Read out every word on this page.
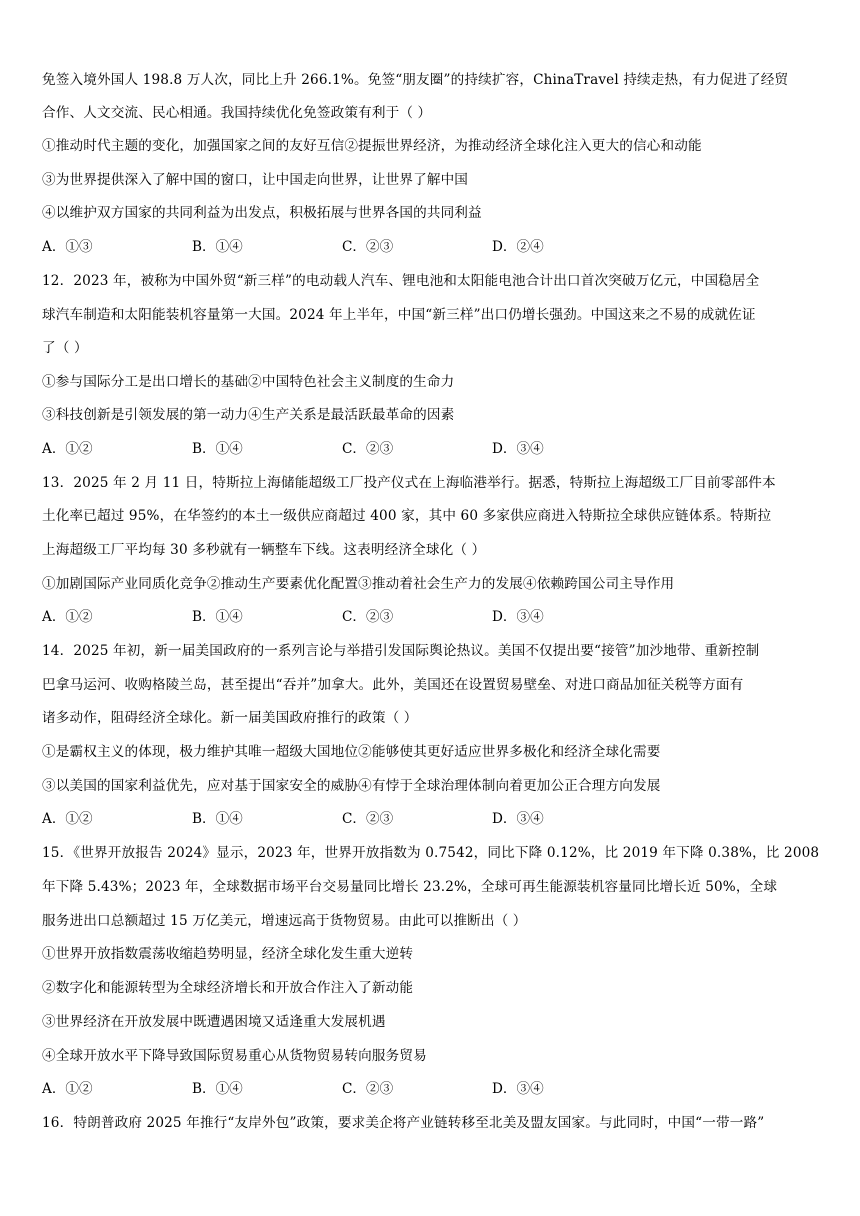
免签入境外国人 198.8 万人次，同比上升 266.1%。免签“朋友圈”的持续扩容，ChinaTravel 持续走热，有力促进了经贸
合作、人文交流、民心相通。我国持续优化免签政策有利于（ ）
①推动时代主题的变化，加强国家之间的友好互信②提振世界经济，为推动经济全球化注入更大的信心和动能
③为世界提供深入了解中国的窗口，让中国走向世界，让世界了解中国
④以维护双方国家的共同利益为出发点，积极拓展与世界各国的共同利益
A．①③	B．①④	C．②③	D．②④
12．2023 年，被称为中国外贸“新三样”的电动载人汽车、锂电池和太阳能电池合计出口首次突破万亿元，中国稳居全
球汽车制造和太阳能装机容量第一大国。2024 年上半年，中国“新三样”出口仍增长强劲。中国这来之不易的成就佐证
了（ ）
①参与国际分工是出口增长的基础②中国特色社会主义制度的生命力
③科技创新是引领发展的第一动力④生产关系是最活跃最革命的因素
A．①②	B．①④	C．②③	D．③④
13．2025 年 2 月 11 日，特斯拉上海储能超级工厂投产仪式在上海临港举行。据悉，特斯拉上海超级工厂目前零部件本
土化率已超过 95%，在华签约的本土一级供应商超过 400 家，其中 60 多家供应商进入特斯拉全球供应链体系。特斯拉
上海超级工厂平均每 30 多秒就有一辆整车下线。这表明经济全球化（ ）
①加剧国际产业同质化竞争②推动生产要素优化配置③推动着社会生产力的发展④依赖跨国公司主导作用
A．①②	B．①④	C．②③	D．③④
14．2025 年初，新一届美国政府的一系列言论与举措引发国际舆论热议。美国不仅提出要“接管”加沙地带、重新控制
巴拿马运河、收购格陵兰岛，甚至提出“吞并”加拿大。此外，美国还在设置贸易壁垒、对进口商品加征关税等方面有
诸多动作，阻碍经济全球化。新一届美国政府推行的政策（ ）
①是霸权主义的体现，极力维护其唯一超级大国地位②能够使其更好适应世界多极化和经济全球化需要
③以美国的国家利益优先，应对基于国家安全的威胁④有悖于全球治理体制向着更加公正合理方向发展
A．①②	B．①④	C．②③	D．③④
15．《世界开放报告 2024》显示，2023 年，世界开放指数为 0.7542，同比下降 0.12%，比 2019 年下降 0.38%，比 2008
年下降 5.43%；2023 年，全球数据市场平台交易量同比增长 23.2%，全球可再生能源装机容量同比增长近 50%，全球
服务进出口总额超过 15 万亿美元，增速远高于货物贸易。由此可以推断出（ ）
①世界开放指数震荡收缩趋势明显，经济全球化发生重大逆转
②数字化和能源转型为全球经济增长和开放合作注入了新动能
③世界经济在开放发展中既遭遇困境又适逢重大发展机遇
④全球开放水平下降导致国际贸易重心从货物贸易转向服务贸易
A．①②	B．①④	C．②③	D．③④
16．特朗普政府 2025 年推行“友岸外包”政策，要求美企将产业链转移至北美及盟友国家。与此同时，中国“一带一路”
